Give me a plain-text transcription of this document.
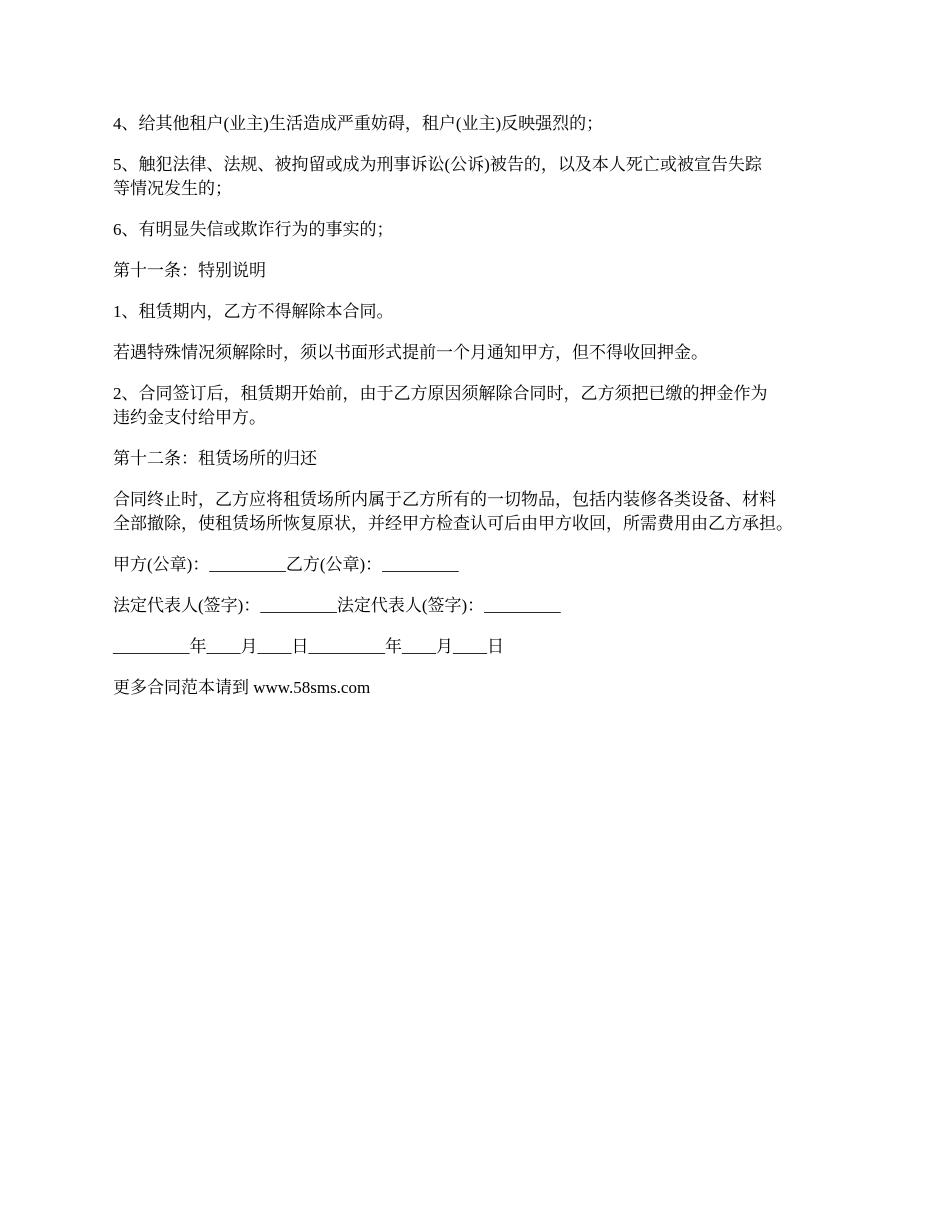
4、给其他租户(业主)生活造成严重妨碍，租户(业主)反映强烈的；

5、触犯法律、法规、被拘留或成为刑事诉讼(公诉)被告的，以及本人死亡或被宣告失踪
等情况发生的；

6、有明显失信或欺诈行为的事实的；

第十一条：特别说明

1、租赁期内，乙方不得解除本合同。

若遇特殊情况须解除时，须以书面形式提前一个月通知甲方，但不得收回押金。

2、合同签订后，租赁期开始前，由于乙方原因须解除合同时，乙方须把已缴的押金作为
违约金支付给甲方。

第十二条：租赁场所的归还

合同终止时，乙方应将租赁场所内属于乙方所有的一切物品，包括内装修各类设备、材料
全部撤除，使租赁场所恢复原状，并经甲方检查认可后由甲方收回，所需费用由乙方承担。

甲方(公章)：_________乙方(公章)：_________

法定代表人(签字)：_________法定代表人(签字)：_________

_________年____月____日_________年____月____日

更多合同范本请到 www.58sms.com
